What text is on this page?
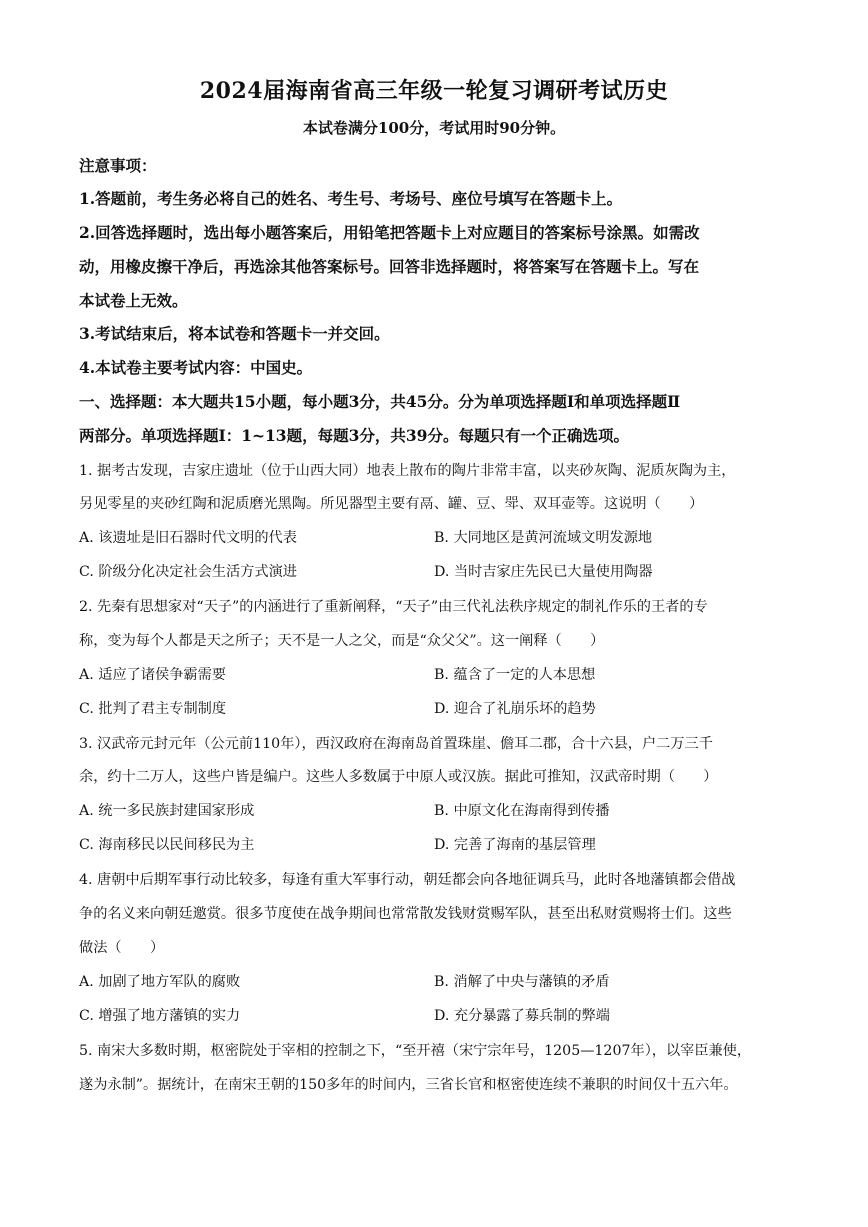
2024届海南省高三年级一轮复习调研考试历史
本试卷满分100分，考试用时90分钟。
注意事项：
1.答题前，考生务必将自己的姓名、考生号、考场号、座位号填写在答题卡上。
2.回答选择题时，选出每小题答案后，用铅笔把答题卡上对应题目的答案标号涂黑。如需改
动，用橡皮擦干净后，再选涂其他答案标号。回答非选择题时，将答案写在答题卡上。写在
本试卷上无效。
3.考试结束后，将本试卷和答题卡一并交回。
4.本试卷主要考试内容：中国史。
一、选择题：本大题共15小题，每小题3分，共45分。分为单项选择题Ⅰ和单项选择题Ⅱ
两部分。单项选择题Ⅰ：1~13题，每题3分，共39分。每题只有一个正确选项。
1. 据考古发现，吉家庄遗址（位于山西大同）地表上散布的陶片非常丰富，以夹砂灰陶、泥质灰陶为主，
另见零星的夹砂红陶和泥质磨光黑陶。所见器型主要有鬲、罐、豆、斝、双耳壶等。这说明（　　）
A. 该遗址是旧石器时代文明的代表	B. 大同地区是黄河流域文明发源地
C. 阶级分化决定社会生活方式演进	D. 当时吉家庄先民已大量使用陶器
2. 先秦有思想家对“天子”的内涵进行了重新阐释，“天子”由三代礼法秩序规定的制礼作乐的王者的专
称，变为每个人都是天之所子；天不是一人之父，而是“众父父”。这一阐释（　　）
A. 适应了诸侯争霸需要	B. 蕴含了一定的人本思想
C. 批判了君主专制制度	D. 迎合了礼崩乐坏的趋势
3. 汉武帝元封元年（公元前110年），西汉政府在海南岛首置珠崖、儋耳二郡，合十六县，户二万三千
余，约十二万人，这些户皆是编户。这些人多数属于中原人或汉族。据此可推知，汉武帝时期（　　）
A. 统一多民族封建国家形成	B. 中原文化在海南得到传播
C. 海南移民以民间移民为主	D. 完善了海南的基层管理
4. 唐朝中后期军事行动比较多，每逢有重大军事行动，朝廷都会向各地征调兵马，此时各地藩镇都会借战
争的名义来向朝廷邀赏。很多节度使在战争期间也常常散发钱财赏赐军队，甚至出私财赏赐将士们。这些
做法（　　）
A. 加剧了地方军队的腐败	B. 消解了中央与藩镇的矛盾
C. 增强了地方藩镇的实力	D. 充分暴露了募兵制的弊端
5. 南宋大多数时期，枢密院处于宰相的控制之下，“至开禧（宋宁宗年号，1205—1207年），以宰臣兼使，
遂为永制”。据统计，在南宋王朝的150多年的时间内，三省长官和枢密使连续不兼职的时间仅十五六年。
